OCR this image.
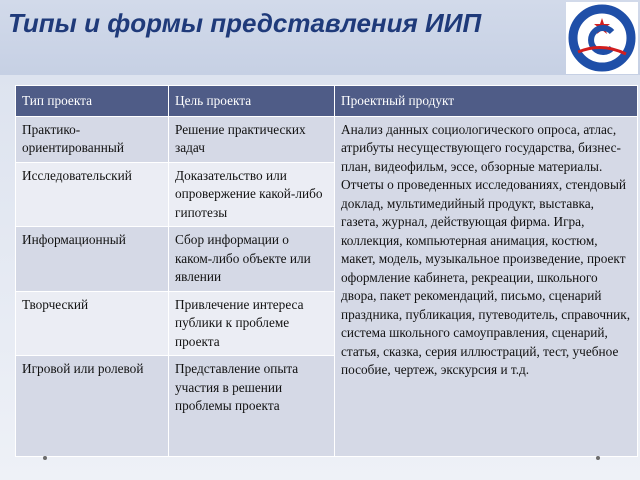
Типы и формы представления ИИП
Тип проекта	Цель проекта	Проектный продукт
Практико-ориентированный	Решение практических задач	Анализ данных социологического опроса, атлас, атрибуты несуществующего государства, бизнес-план, видеофильм, эссе, обзорные материалы. Отчеты о проведенных исследованиях, стендовый доклад, мультимедийный продукт, выставка, газета, журнал, действующая фирма. Игра, коллекция, компьютерная анимация, костюм, макет, модель, музыкальное произведение, проект оформление кабинета, рекреации, школьного двора, пакет рекомендаций, письмо, сценарий праздника, публикация, путеводитель, справочник, система школьного самоуправления, сценарий, статья, сказка, серия иллюстраций, тест, учебное пособие, чертеж, экскурсия и т.д.
Исследовательский	Доказательство или опровержение какой-либо гипотезы	
Информационный	Сбор информации о каком-либо объекте или явлении	
Творческий	Привлечение интереса публики к проблеме проекта	
Игровой или ролевой	Представление опыта участия в решении проблемы проекта	
